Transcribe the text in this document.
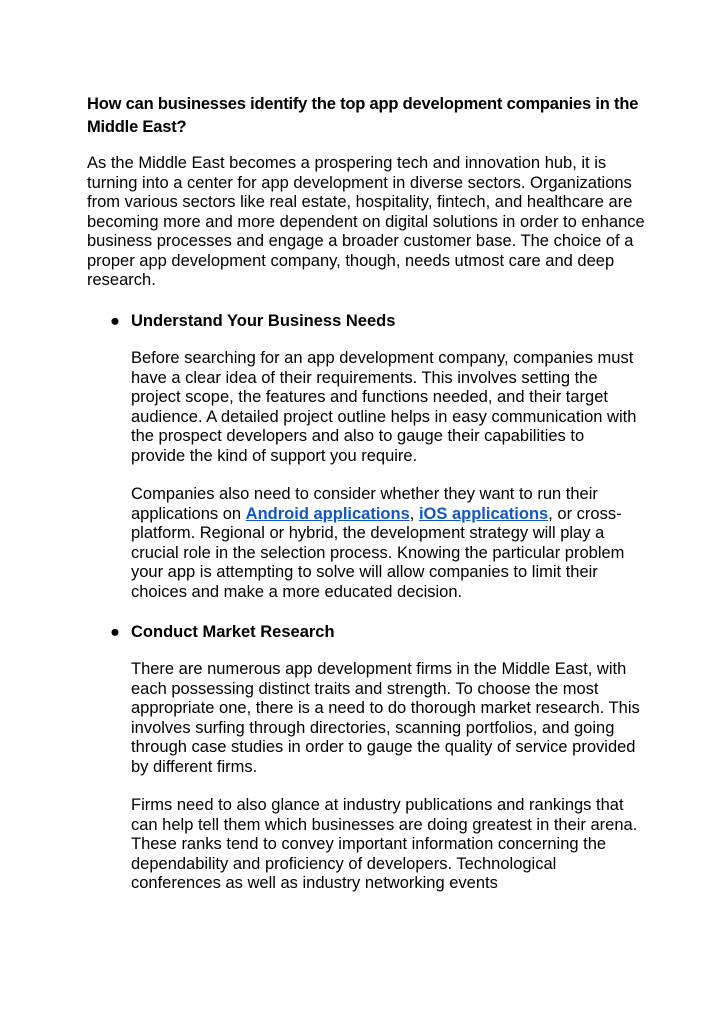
How can businesses identify the top app development companies in the Middle East?

As the Middle East becomes a prospering tech and innovation hub, it is turning into a center for app development in diverse sectors. Organizations from various sectors like real estate, hospitality, fintech, and healthcare are becoming more and more dependent on digital solutions in order to enhance business processes and engage a broader customer base. The choice of a proper app development company, though, needs utmost care and deep research.

● Understand Your Business Needs

Before searching for an app development company, companies must have a clear idea of their requirements. This involves setting the project scope, the features and functions needed, and their target audience. A detailed project outline helps in easy communication with the prospect developers and also to gauge their capabilities to provide the kind of support you require.

Companies also need to consider whether they want to run their applications on Android applications, iOS applications, or cross-platform. Regional or hybrid, the development strategy will play a crucial role in the selection process. Knowing the particular problem your app is attempting to solve will allow companies to limit their choices and make a more educated decision.

● Conduct Market Research

There are numerous app development firms in the Middle East, with each possessing distinct traits and strength. To choose the most appropriate one, there is a need to do thorough market research. This involves surfing through directories, scanning portfolios, and going through case studies in order to gauge the quality of service provided by different firms.

Firms need to also glance at industry publications and rankings that can help tell them which businesses are doing greatest in their arena. These ranks tend to convey important information concerning the dependability and proficiency of developers. Technological conferences as well as industry networking events
